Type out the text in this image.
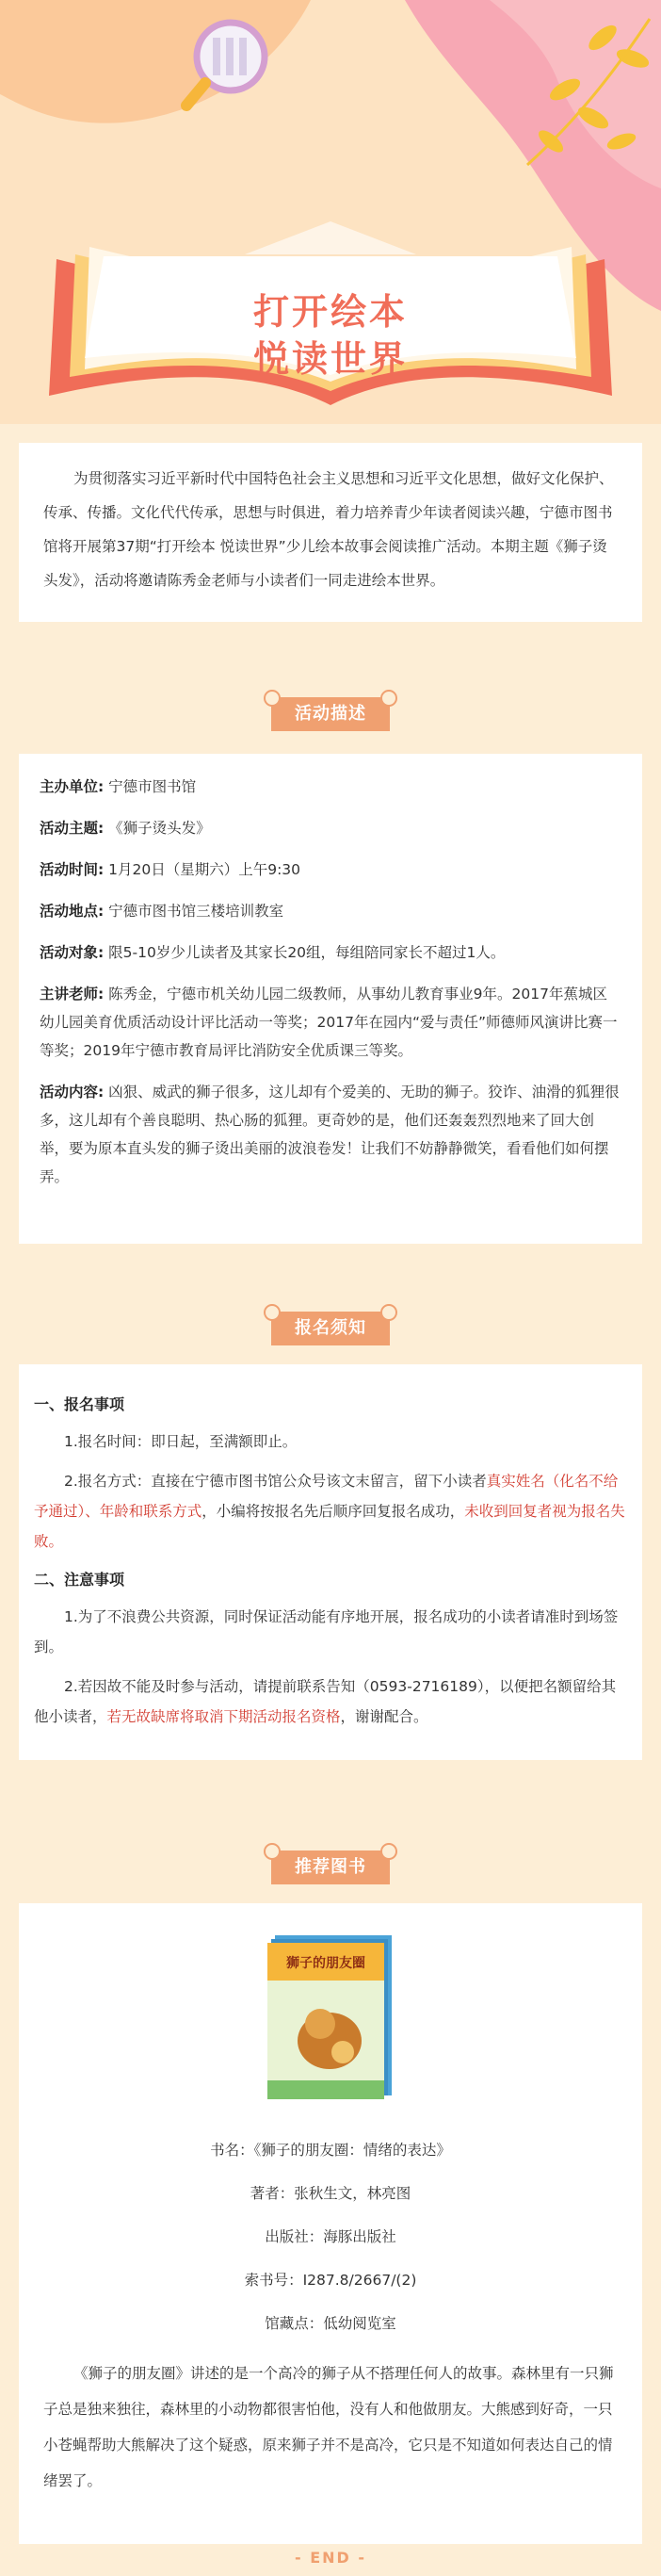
打开绘本
悦读世界

为贯彻落实习近平新时代中国特色社会主义思想和习近平文化思想，做好文化保护、传承、传播。文化代代传承，思想与时俱进，着力培养青少年读者阅读兴趣，宁德市图书馆将开展第37期“打开绘本 悦读世界”少儿绘本故事会阅读推广活动。本期主题《狮子烫头发》，活动将邀请陈秀金老师与小读者们一同走进绘本世界。

活动描述
主办单位: 宁德市图书馆
活动主题: 《狮子烫头发》
活动时间: 1月20日（星期六）上午9:30
活动地点: 宁德市图书馆三楼培训教室
活动对象: 限5-10岁少儿读者及其家长20组，每组陪同家长不超过1人。
主讲老师: 陈秀金，宁德市机关幼儿园二级教师，从事幼儿教育事业9年。2017年蕉城区幼儿园美育优质活动设计评比活动一等奖；2017年在园内“爱与责任”师德师风演讲比赛一等奖；2019年宁德市教育局评比消防安全优质课三等奖。
活动内容: 凶狠、威武的狮子很多，这儿却有个爱美的、无助的狮子。狡诈、油滑的狐狸很多，这儿却有个善良聪明、热心肠的狐狸。更奇妙的是，他们还轰轰烈烈地来了回大创举，要为原本直头发的狮子烫出美丽的波浪卷发！让我们不妨静静微笑，看看他们如何摆弄。
报名须知
一、报名事项
1.报名时间：即日起，至满额即止。
2.报名方式：直接在宁德市图书馆公众号该文末留言，留下小读者真实姓名（化名不给予通过）、年龄和联系方式，小编将按报名先后顺序回复报名成功，未收到回复者视为报名失败。
二、注意事项
1.为了不浪费公共资源，同时保证活动能有序地开展，报名成功的小读者请准时到场签到。
2.若因故不能及时参与活动，请提前联系告知（0593-2716189），以便把名额留给其他小读者，若无故缺席将取消下期活动报名资格，谢谢配合。
推荐图书
狮子的朋友圈
书名：《狮子的朋友圈：情绪的表达》
著者：张秋生文，林亮图
出版社：海豚出版社
索书号：I287.8/2667/(2)
馆藏点：低幼阅览室

《狮子的朋友圈》讲述的是一个高冷的狮子从不搭理任何人的故事。森林里有一只狮子总是独来独往，森林里的小动物都很害怕他，没有人和他做朋友。大熊感到好奇，一只小苍蝇帮助大熊解决了这个疑惑，原来狮子并不是高冷，它只是不知道如何表达自己的情绪罢了。

- END -
